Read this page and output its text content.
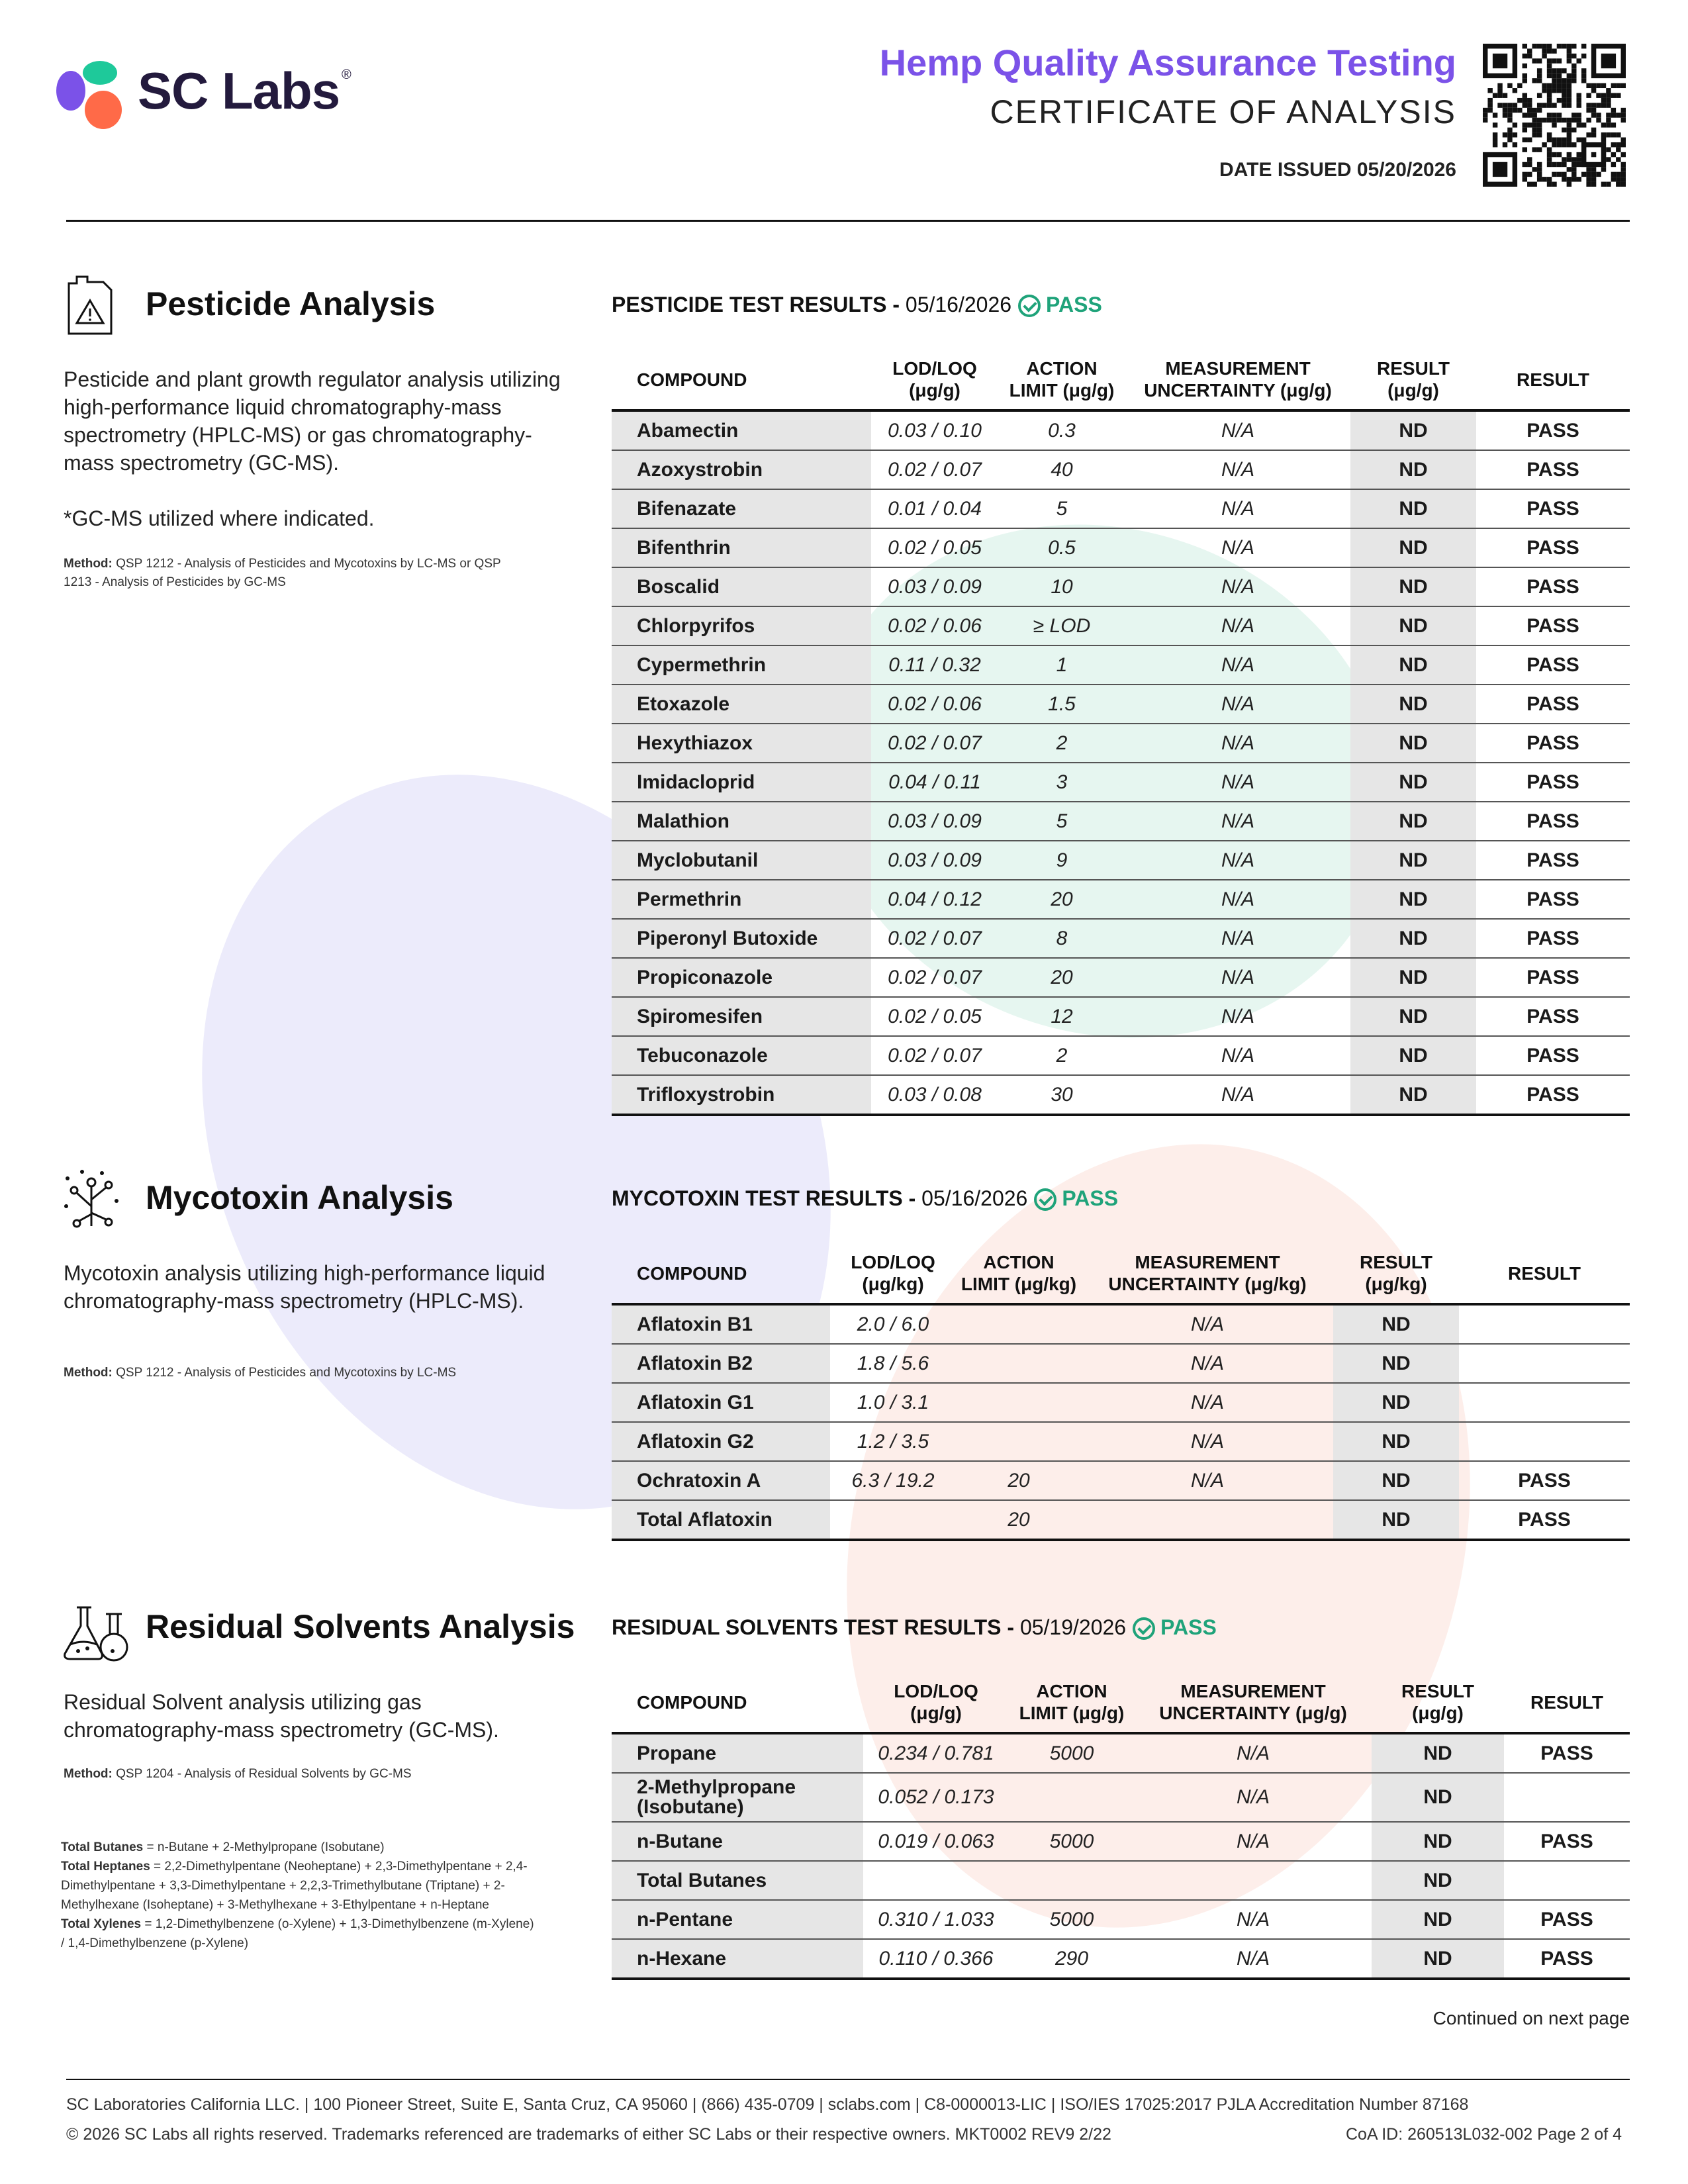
SC Labs ®	Hemp Quality Assurance Testing
CERTIFICATE OF ANALYSIS
DATE ISSUED 05/20/2026
Pesticide Analysis
Pesticide and plant growth regulator analysis utilizing high-performance liquid chromatography-mass spectrometry (HPLC-MS) or gas chromatography-mass spectrometry (GC-MS).
*GC-MS utilized where indicated.
Method: QSP 1212 - Analysis of Pesticides and Mycotoxins by LC-MS or QSP 1213 - Analysis of Pesticides by GC-MS
PESTICIDE TEST RESULTS - 05/16/2026 PASS
COMPOUND	LOD/LOQ (μg/g)	ACTION LIMIT (μg/g)	MEASUREMENT UNCERTAINTY (μg/g)	RESULT (μg/g)	RESULT
Abamectin	0.03 / 0.10	0.3	N/A	ND	PASS
Azoxystrobin	0.02 / 0.07	40	N/A	ND	PASS
Bifenazate	0.01 / 0.04	5	N/A	ND	PASS
Bifenthrin	0.02 / 0.05	0.5	N/A	ND	PASS
Boscalid	0.03 / 0.09	10	N/A	ND	PASS
Chlorpyrifos	0.02 / 0.06	≥ LOD	N/A	ND	PASS
Cypermethrin	0.11 / 0.32	1	N/A	ND	PASS
Etoxazole	0.02 / 0.06	1.5	N/A	ND	PASS
Hexythiazox	0.02 / 0.07	2	N/A	ND	PASS
Imidacloprid	0.04 / 0.11	3	N/A	ND	PASS
Malathion	0.03 / 0.09	5	N/A	ND	PASS
Myclobutanil	0.03 / 0.09	9	N/A	ND	PASS
Permethrin	0.04 / 0.12	20	N/A	ND	PASS
Piperonyl Butoxide	0.02 / 0.07	8	N/A	ND	PASS
Propiconazole	0.02 / 0.07	20	N/A	ND	PASS
Spiromesifen	0.02 / 0.05	12	N/A	ND	PASS
Tebuconazole	0.02 / 0.07	2	N/A	ND	PASS
Trifloxystrobin	0.03 / 0.08	30	N/A	ND	PASS
Mycotoxin Analysis
Mycotoxin analysis utilizing high-performance liquid chromatography-mass spectrometry (HPLC-MS).
Method: QSP 1212 - Analysis of Pesticides and Mycotoxins by LC-MS
MYCOTOXIN TEST RESULTS - 05/16/2026 PASS
COMPOUND	LOD/LOQ (μg/kg)	ACTION LIMIT (μg/kg)	MEASUREMENT UNCERTAINTY (μg/kg)	RESULT (μg/kg)	RESULT
Aflatoxin B1	2.0 / 6.0		N/A	ND	
Aflatoxin B2	1.8 / 5.6		N/A	ND	
Aflatoxin G1	1.0 / 3.1		N/A	ND	
Aflatoxin G2	1.2 / 3.5		N/A	ND	
Ochratoxin A	6.3 / 19.2	20	N/A	ND	PASS
Total Aflatoxin		20		ND	PASS
Residual Solvents Analysis
Residual Solvent analysis utilizing gas chromatography-mass spectrometry (GC-MS).
Method: QSP 1204 - Analysis of Residual Solvents by GC-MS
Total Butanes = n-Butane + 2-Methylpropane (Isobutane)
Total Heptanes = 2,2-Dimethylpentane (Neoheptane) + 2,3-Dimethylpentane + 2,4-Dimethylpentane + 3,3-Dimethylpentane + 2,2,3-Trimethylbutane (Triptane) + 2-Methylhexane (Isoheptane) + 3-Methylhexane + 3-Ethylpentane + n-Heptane
Total Xylenes = 1,2-Dimethylbenzene (o-Xylene) + 1,3-Dimethylbenzene (m-Xylene) / 1,4-Dimethylbenzene (p-Xylene)
RESIDUAL SOLVENTS TEST RESULTS - 05/19/2026 PASS
COMPOUND	LOD/LOQ (μg/g)	ACTION LIMIT (μg/g)	MEASUREMENT UNCERTAINTY (μg/g)	RESULT (μg/g)	RESULT
Propane	0.234 / 0.781	5000	N/A	ND	PASS
2-Methylpropane (Isobutane)	0.052 / 0.173		N/A	ND	
n-Butane	0.019 / 0.063	5000	N/A	ND	PASS
Total Butanes				ND	
n-Pentane	0.310 / 1.033	5000	N/A	ND	PASS
n-Hexane	0.110 / 0.366	290	N/A	ND	PASS
Continued on next page
SC Laboratories California LLC. | 100 Pioneer Street, Suite E, Santa Cruz, CA 95060 | (866) 435-0709 | sclabs.com | C8-0000013-LIC | ISO/IES 17025:2017 PJLA Accreditation Number 87168
© 2026 SC Labs all rights reserved. Trademarks referenced are trademarks of either SC Labs or their respective owners. MKT0002 REV9 2/22	CoA ID: 260513L032-002 Page 2 of 4
